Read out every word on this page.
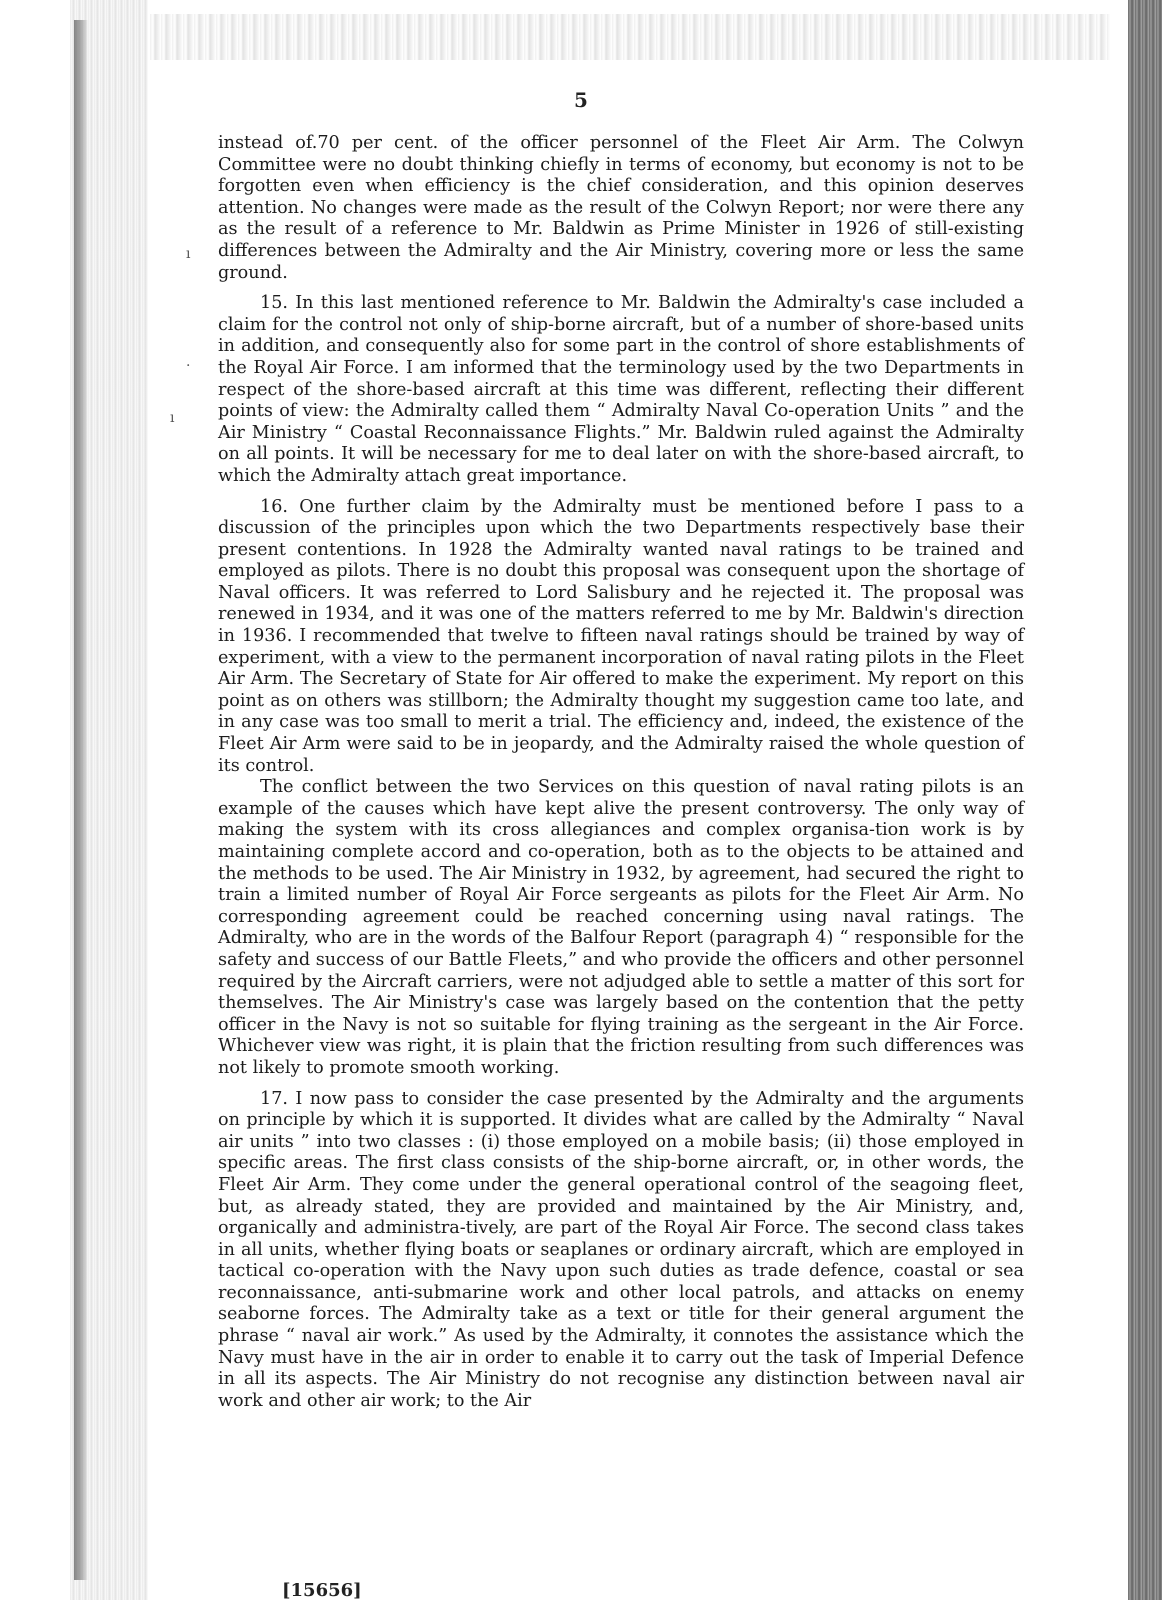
5
ı
·
ı

instead of.70 per cent. of the officer personnel of the Fleet Air Arm. The Colwyn Committee were no doubt thinking chiefly in terms of economy, but economy is not to be forgotten even when efficiency is the chief consideration, and this opinion deserves attention. No changes were made as the result of the Colwyn Report; nor were there any as the result of a reference to Mr. Baldwin as Prime Minister in 1926 of still-existing differences between the Admiralty and the Air Ministry, covering more or less the same ground.

15. In this last mentioned reference to Mr. Baldwin the Admiralty's case included a claim for the control not only of ship-borne aircraft, but of a number of shore-based units in addition, and consequently also for some part in the control of shore establishments of the Royal Air Force. I am informed that the terminology used by the two Departments in respect of the shore-based aircraft at this time was different, reflecting their different points of view: the Admiralty called them “ Admiralty Naval Co-operation Units ” and the Air Ministry “ Coastal Reconnaissance Flights.” Mr. Baldwin ruled against the Admiralty on all points. It will be necessary for me to deal later on with the shore-based aircraft, to which the Admiralty attach great importance.

16. One further claim by the Admiralty must be mentioned before I pass to a discussion of the principles upon which the two Departments respectively base their present contentions. In 1928 the Admiralty wanted naval ratings to be trained and employed as pilots. There is no doubt this proposal was consequent upon the shortage of Naval officers. It was referred to Lord Salisbury and he rejected it. The proposal was renewed in 1934, and it was one of the matters referred to me by Mr. Baldwin's direction in 1936. I recommended that twelve to fifteen naval ratings should be trained by way of experiment, with a view to the permanent incorporation of naval rating pilots in the Fleet Air Arm. The Secretary of State for Air offered to make the experiment. My report on this point as on others was stillborn; the Admiralty thought my suggestion came too late, and in any case was too small to merit a trial. The efficiency and, indeed, the existence of the Fleet Air Arm were said to be in jeopardy, and the Admiralty raised the whole question of its control.

The conflict between the two Services on this question of naval rating pilots is an example of the causes which have kept alive the present controversy. The only way of making the system with its cross allegiances and complex organisa-tion work is by maintaining complete accord and co-operation, both as to the objects to be attained and the methods to be used. The Air Ministry in 1932, by agreement, had secured the right to train a limited number of Royal Air Force sergeants as pilots for the Fleet Air Arm. No corresponding agreement could be reached concerning using naval ratings. The Admiralty, who are in the words of the Balfour Report (paragraph 4) “ responsible for the safety and success of our Battle Fleets,” and who provide the officers and other personnel required by the Aircraft carriers, were not adjudged able to settle a matter of this sort for themselves. The Air Ministry's case was largely based on the contention that the petty officer in the Navy is not so suitable for flying training as the sergeant in the Air Force. Whichever view was right, it is plain that the friction resulting from such differences was not likely to promote smooth working.

17. I now pass to consider the case presented by the Admiralty and the arguments on principle by which it is supported. It divides what are called by the Admiralty “ Naval air units ” into two classes : (i) those employed on a mobile basis; (ii) those employed in specific areas. The first class consists of the ship-borne aircraft, or, in other words, the Fleet Air Arm. They come under the general operational control of the seagoing fleet, but, as already stated, they are provided and maintained by the Air Ministry, and, organically and administra-tively, are part of the Royal Air Force. The second class takes in all units, whether flying boats or seaplanes or ordinary aircraft, which are employed in tactical co-operation with the Navy upon such duties as trade defence, coastal or sea reconnaissance, anti-submarine work and other local patrols, and attacks on enemy seaborne forces. The Admiralty take as a text or title for their general argument the phrase “ naval air work.” As used by the Admiralty, it connotes the assistance which the Navy must have in the air in order to enable it to carry out the task of Imperial Defence in all its aspects. The Air Ministry do not recognise any distinction between naval air work and other air work; to the Air

[15656]
